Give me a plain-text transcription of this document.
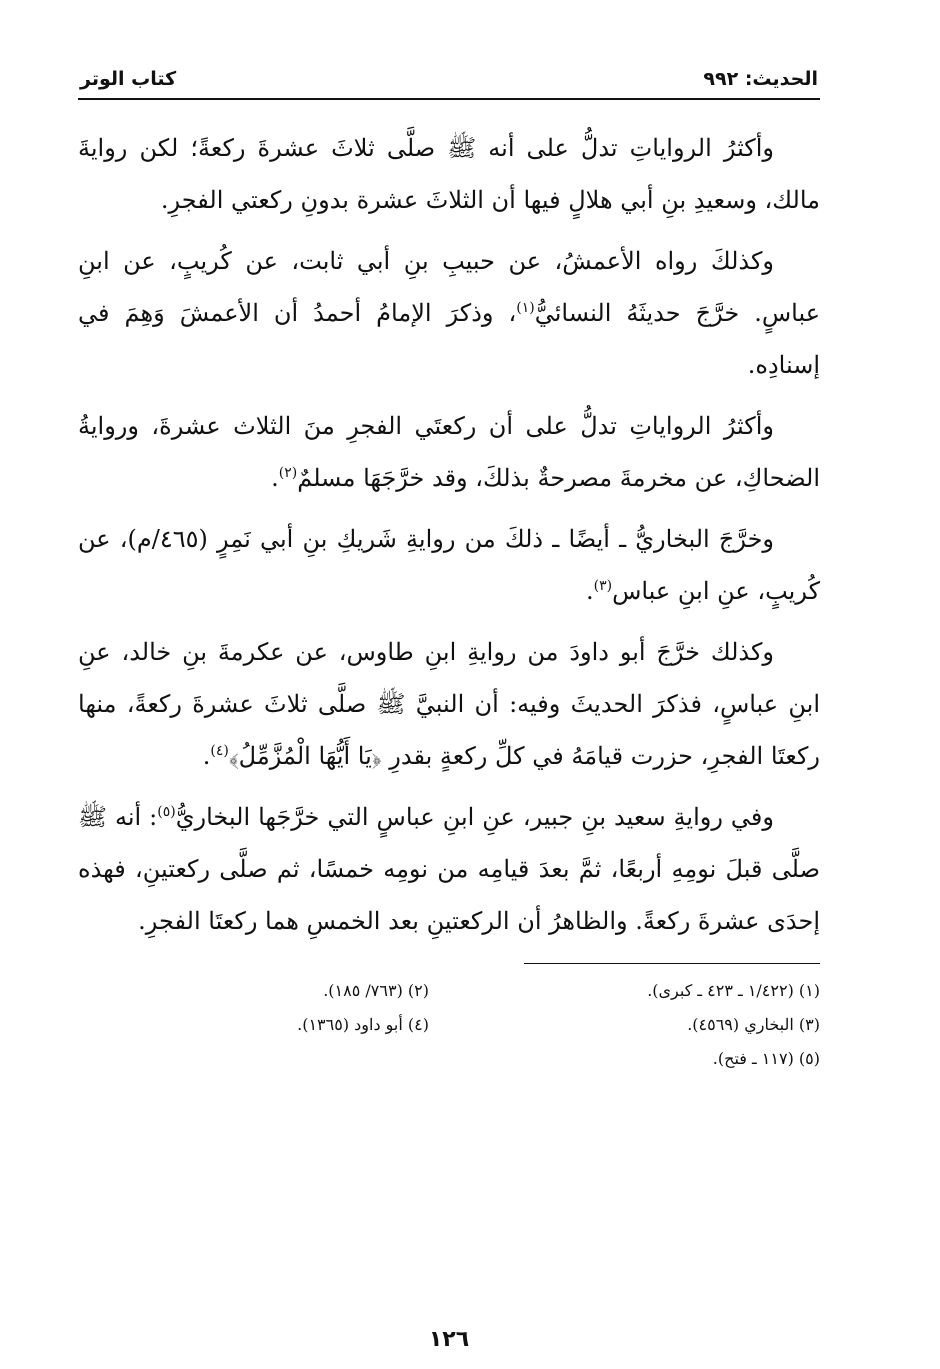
الحديث: ٩٩٢
كتاب الوتر

وأكثرُ الرواياتِ تدلُّ على أنه ﷺ صلَّى ثلاثَ عشرةَ ركعةً؛ لكن روايةَ مالك، وسعيدِ بنِ أبي هلالٍ فيها أن الثلاثَ عشرة بدونِ ركعتي الفجرِ.

وكذلكَ رواه الأعمشُ، عن حبيبِ بنِ أبي ثابت، عن كُريبٍ، عن ابنِ عباسٍ. خرَّجَ حديثَهُ النسائيُّ$^{(١)}$، وذكرَ الإمامُ أحمدُ أن الأعمشَ وَهِمَ في إسنادِه.

وأكثرُ الرواياتِ تدلُّ على أن ركعتَي الفجرِ منَ الثلاث عشرةَ، وروايةُ الضحاكِ، عن مخرمةَ مصرحةٌ بذلكَ، وقد خرَّجَهَا مسلمٌ$^{(٢)}$.

وخرَّجَ البخاريُّ ـ أيضًا ـ ذلكَ من روايةِ شَريكِ بنِ أبي نَمِرٍ (٤٦٥/م)، عن كُريبٍ، عنِ ابنِ عباس$^{(٣)}$.

وكذلك خرَّجَ أبو داودَ من روايةِ ابنِ طاوس، عن عكرمةَ بنِ خالد، عنِ ابنِ عباسٍ، فذكرَ الحديثَ وفيه: أن النبيَّ ﷺ صلَّى ثلاثَ عشرةَ ركعةً، منها ركعتَا الفجرِ، حزرت قيامَهُ في كلِّ ركعةٍ بقدرِ ﴿يَا أَيُّهَا الْمُزَّمِّلُ﴾$^{(٤)}$.

وفي روايةِ سعيد بنِ جبير، عنِ ابنِ عباسٍ التي خرَّجَها البخاريُّ$^{(٥)}$: أنه ﷺ صلَّى قبلَ نومِهِ أربعًا، ثمَّ بعدَ قيامِه من نومِه خمسًا، ثم صلَّى ركعتينِ، فهذه إحدَى عشرةَ ركعةً. والظاهرُ أن الركعتينِ بعد الخمسِ هما ركعتَا الفجرِ.

(١) (١/٤٢٢ ـ ٤٢٣ ـ كبرى).
(٢) (٧٦٣/ ١٨٥).
(٣) البخاري (٤٥٦٩).
(٤) أبو داود (١٣٦٥).
(٥) (١١٧ ـ فتح).
١٢٦
